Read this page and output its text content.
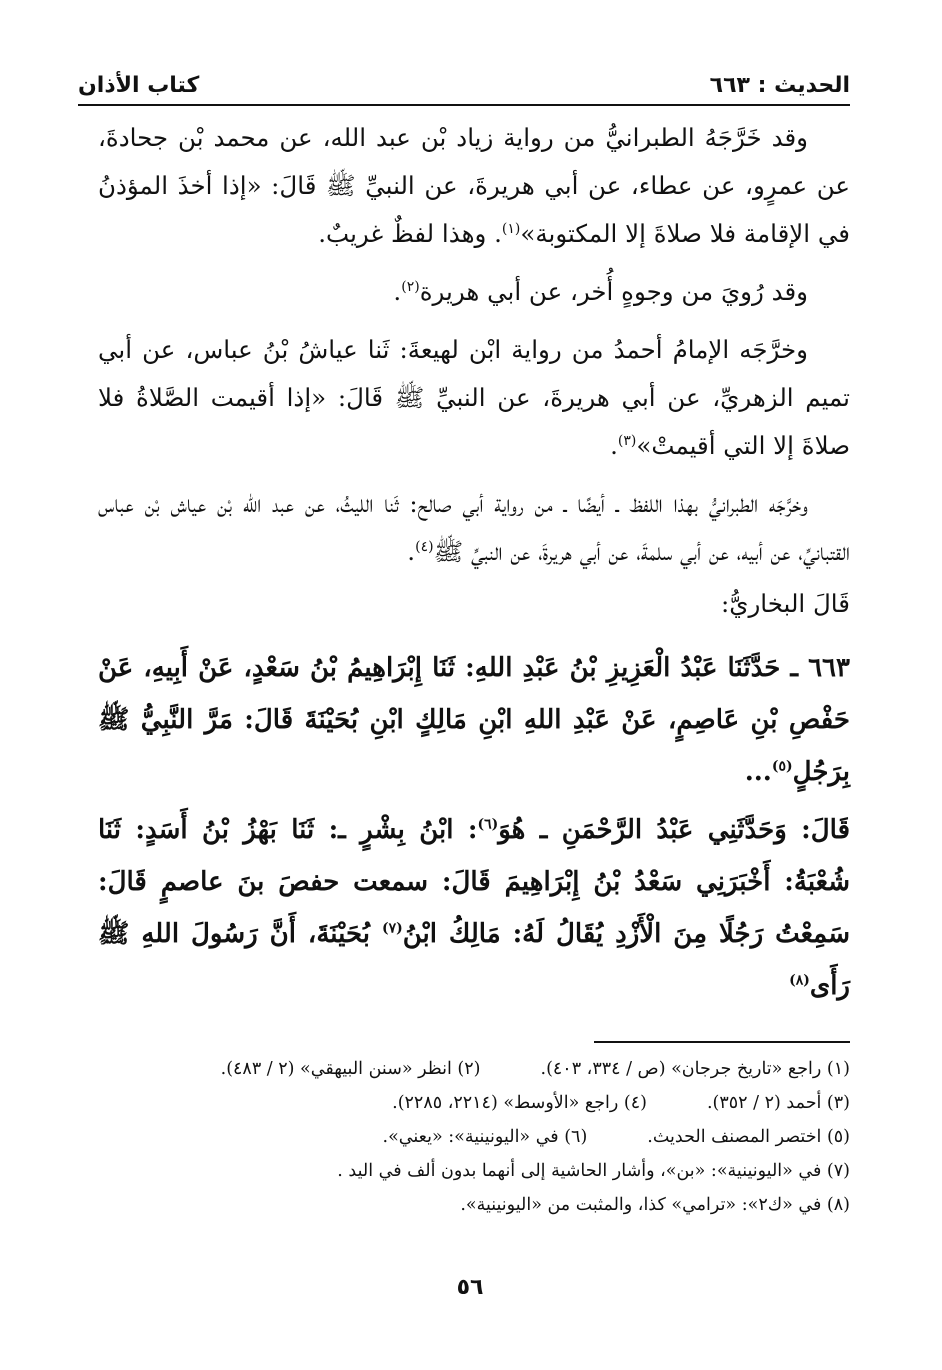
الحديث : ٦٦٣
كتاب الأذان

وقد خَرَّجَهُ الطبرانيُّ من رواية زياد بْن عبد الله، عن محمد بْن جحادةَ، عن عمرٍو، عن عطاء، عن أبي هريرةَ، عن النبيِّ ﷺ قَالَ: «إذا أخذَ المؤذنُ في الإقامة فلا صلاةَ إلا المكتوبة»$^{(١)}$. وهذا لفظٌ غريبٌ.

وقد رُويَ من وجوهٍ أُخر، عن أبي هريرة$^{(٢)}$.

وخرَّجَه الإمامُ أحمدُ من رواية ابْن لهيعةَ: ثَنا عياشُ بْنُ عباس، عن أبي تميم الزهريِّ، عن أبي هريرةَ، عن النبيِّ ﷺ قَالَ: «إذا أقيمت الصَّلاةُ فلا صلاةَ إلا التي أقيمتْ»$^{(٣)}$.

وخرَّجَه الطبرانيُّ بهذا اللفظ ـ أيضًا ـ من رواية أبي صالح: ثَنا الليثُ، عن عبد الله بْن عياش بْن عباس القتبانيِّ، عن أبيه، عن أبي سلمةَ، عن أبي هريرةَ، عن النبيِّ ﷺ$^{(٤)}$.

قَالَ البخاريُّ:

٦٦٣ ـ حَدَّثَنَا عَبْدُ الْعَزِيزِ بْنُ عَبْدِ اللهِ: ثَنَا إِبْرَاهِيمُ بْنُ سَعْدٍ، عَنْ أَبِيهِ، عَنْ حَفْصِ بْنِ عَاصِمٍ، عَنْ عَبْدِ اللهِ ابْنِ مَالِكٍ ابْنِ بُحَيْنَةَ قَالَ: مَرَّ النَّبِيُّ ﷺ بِرَجُلٍ$^{(٥)}$...

قَالَ: وَحَدَّثَنِي عَبْدُ الرَّحْمَنِ ـ هُوَ$^{(٦)}$: ابْنُ بِشْرٍ ـ: ثَنَا بَهْزُ بْنُ أَسَدٍ: ثَنَا شُعْبَةُ: أَخْبَرَنِي سَعْدُ بْنُ إِبْرَاهِيمَ قَالَ: سمعت حفصَ بنَ عاصمٍ قَالَ: سَمِعْتُ رَجُلًا مِنَ الْأَزْدِ يُقَالُ لَهُ: مَالِكُ ابْنُ$^{(٧)}$ بُحَيْنَةَ، أَنَّ رَسُولَ اللهِ ﷺ رَأَى$^{(٨)}$

(١) راجع «تاريخ جرجان» (ص / ٣٣٤، ٤٠٣).
(٢) انظر «سنن البيهقي» (٢ / ٤٨٣).
(٣) أحمد (٢ / ٣٥٢).
(٤) راجع «الأوسط» (٢٢١٤، ٢٢٨٥).
(٥) اختصر المصنف الحديث.
(٦) في «اليونينية»: «يعني».
(٧) في «اليونينية»: «بن»، وأشار الحاشية إلى أنهما بدون ألف في اليد .
(٨) في «ك٢»: «ترامي» كذا، والمثبت من «اليونينية».
٥٦
